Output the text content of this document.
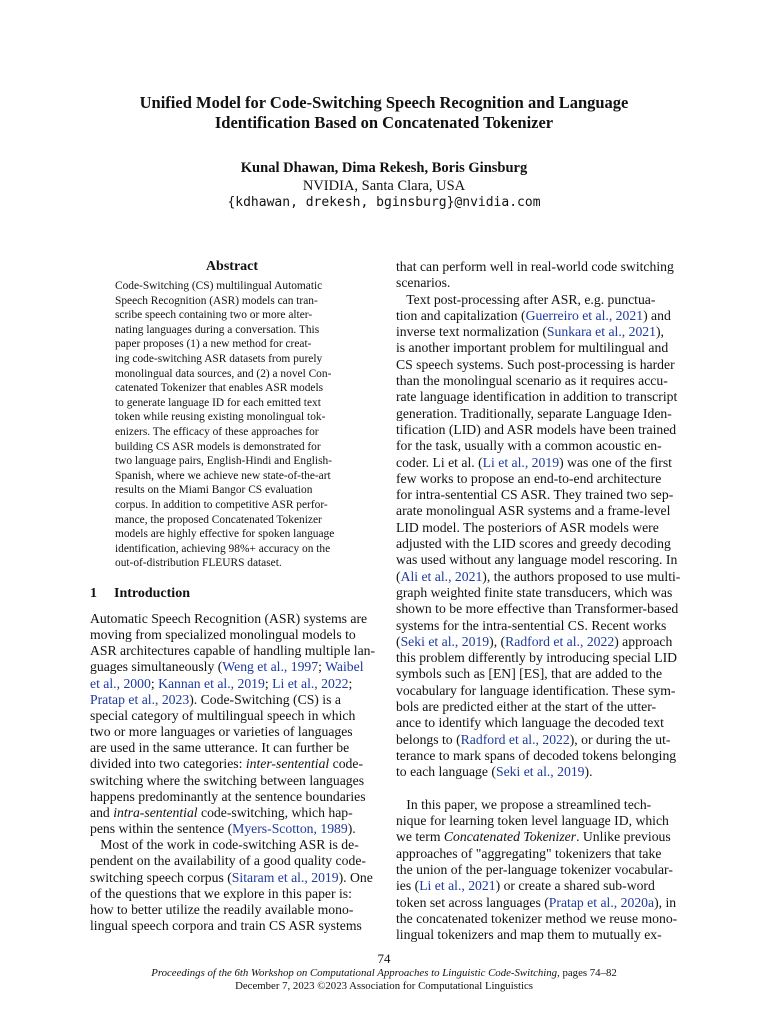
Unified Model for Code-Switching Speech Recognition and Language
Identification Based on Concatenated Tokenizer
Kunal Dhawan, Dima Rekesh, Boris Ginsburg
NVIDIA, Santa Clara, USA
{kdhawan, drekesh, bginsburg}@nvidia.com
Abstract
Code-Switching (CS) multilingual Automatic
Speech Recognition (ASR) models can tran-
scribe speech containing two or more alter-
nating languages during a conversation. This
paper proposes (1) a new method for creat-
ing code-switching ASR datasets from purely
monolingual data sources, and (2) a novel Con-
catenated Tokenizer that enables ASR models
to generate language ID for each emitted text
token while reusing existing monolingual tok-
enizers. The efficacy of these approaches for
building CS ASR models is demonstrated for
two language pairs, English-Hindi and English-
Spanish, where we achieve new state-of-the-art
results on the Miami Bangor CS evaluation
corpus. In addition to competitive ASR perfor-
mance, the proposed Concatenated Tokenizer
models are highly effective for spoken language
identification, achieving 98%+ accuracy on the
out-of-distribution FLEURS dataset.
1 Introduction
Automatic Speech Recognition (ASR) systems are
moving from specialized monolingual models to
ASR architectures capable of handling multiple lan-
guages simultaneously (Weng et al., 1997; Waibel
et al., 2000; Kannan et al., 2019; Li et al., 2022;
Pratap et al., 2023). Code-Switching (CS) is a
special category of multilingual speech in which
two or more languages or varieties of languages
are used in the same utterance. It can further be
divided into two categories: inter-sentential code-
switching where the switching between languages
happens predominantly at the sentence boundaries
and intra-sentential code-switching, which hap-
pens within the sentence (Myers-Scotton, 1989).
Most of the work in code-switching ASR is de-
pendent on the availability of a good quality code-
switching speech corpus (Sitaram et al., 2019). One
of the questions that we explore in this paper is:
how to better utilize the readily available mono-
lingual speech corpora and train CS ASR systems
that can perform well in real-world code switching
scenarios.
Text post-processing after ASR, e.g. punctua-
tion and capitalization (Guerreiro et al., 2021) and
inverse text normalization (Sunkara et al., 2021),
is another important problem for multilingual and
CS speech systems. Such post-processing is harder
than the monolingual scenario as it requires accu-
rate language identification in addition to transcript
generation. Traditionally, separate Language Iden-
tification (LID) and ASR models have been trained
for the task, usually with a common acoustic en-
coder. Li et al. (Li et al., 2019) was one of the first
few works to propose an end-to-end architecture
for intra-sentential CS ASR. They trained two sep-
arate monolingual ASR systems and a frame-level
LID model. The posteriors of ASR models were
adjusted with the LID scores and greedy decoding
was used without any language model rescoring. In
(Ali et al., 2021), the authors proposed to use multi-
graph weighted finite state transducers, which was
shown to be more effective than Transformer-based
systems for the intra-sentential CS. Recent works
(Seki et al., 2019), (Radford et al., 2022) approach
this problem differently by introducing special LID
symbols such as [EN] [ES], that are added to the
vocabulary for language identification. These sym-
bols are predicted either at the start of the utter-
ance to identify which language the decoded text
belongs to (Radford et al., 2022), or during the ut-
terance to mark spans of decoded tokens belonging
to each language (Seki et al., 2019).

In this paper, we propose a streamlined tech-
nique for learning token level language ID, which
we term Concatenated Tokenizer. Unlike previous
approaches of "aggregating" tokenizers that take
the union of the per-language tokenizer vocabular-
ies (Li et al., 2021) or create a shared sub-word
token set across languages (Pratap et al., 2020a), in
the concatenated tokenizer method we reuse mono-
lingual tokenizers and map them to mutually ex-
74
Proceedings of the 6th Workshop on Computational Approaches to Linguistic Code-Switching, pages 74–82
December 7, 2023 ©2023 Association for Computational Linguistics
